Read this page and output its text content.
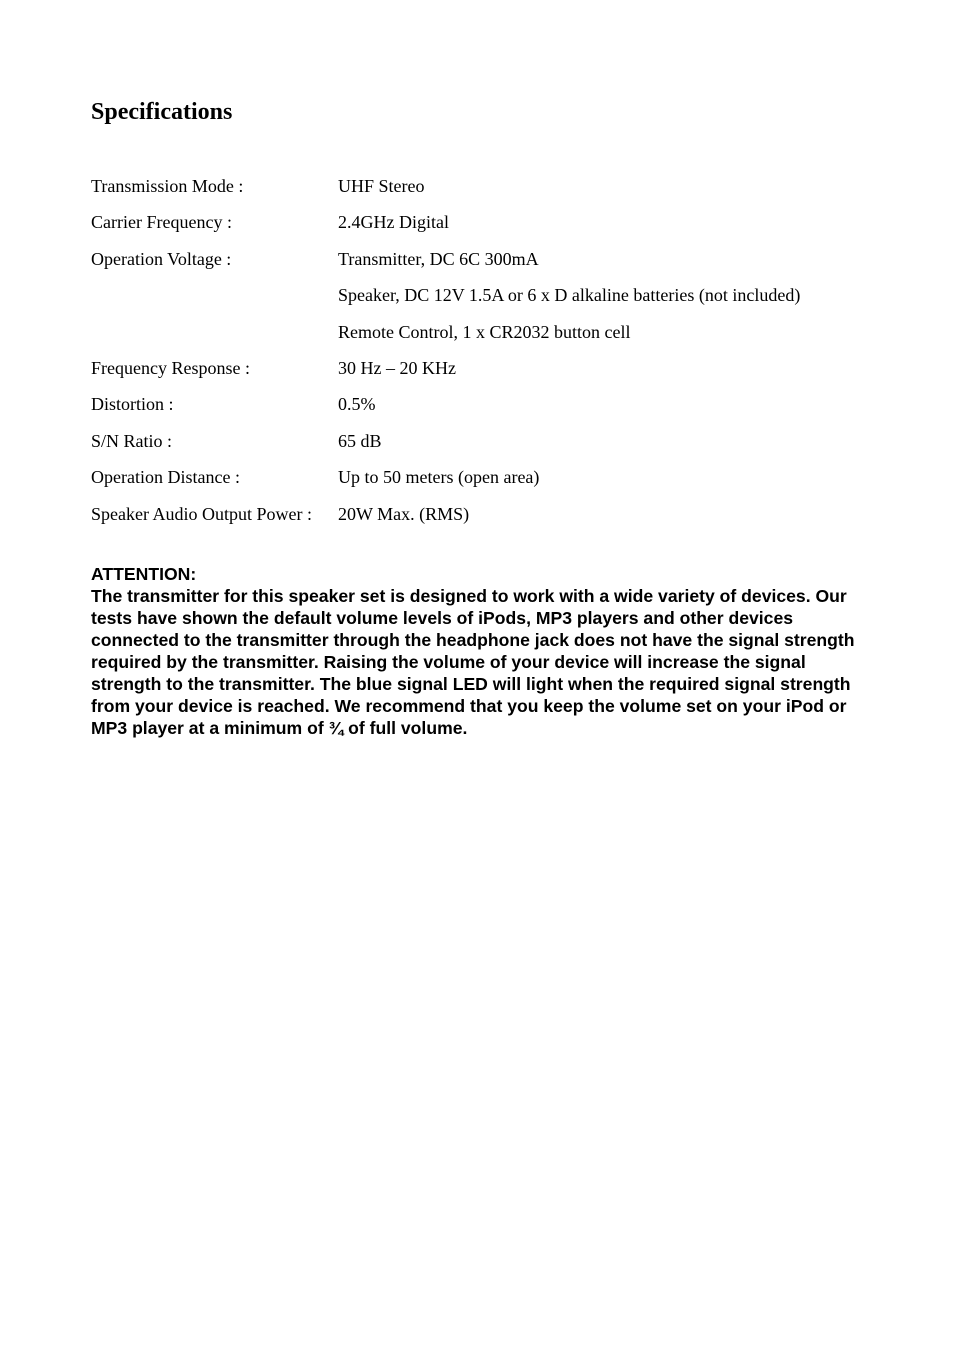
Specifications
Transmission Mode :	UHF Stereo
Carrier Frequency :	2.4GHz Digital
Operation Voltage :	Transmitter, DC 6C 300mA
Speaker, DC 12V 1.5A or 6 x D alkaline batteries (not included)
Remote Control, 1 x CR2032 button cell
Frequency Response :	30 Hz – 20 KHz
Distortion :	0.5%
S/N Ratio :	65 dB
Operation Distance :	Up to 50 meters (open area)
Speaker Audio Output Power :	20W Max. (RMS)

ATTENTION:

The transmitter for this speaker set is designed to work with a wide variety of devices. Our tests have shown the default volume levels of iPods, MP3 players and other devices connected to the transmitter through the headphone jack does not have the signal strength required by the transmitter. Raising the volume of your device will increase the signal strength to the transmitter. The blue signal LED will light when the required signal strength from your device is reached. We recommend that you keep the volume set on your iPod or MP3 player at a minimum of ¾ of full volume.
